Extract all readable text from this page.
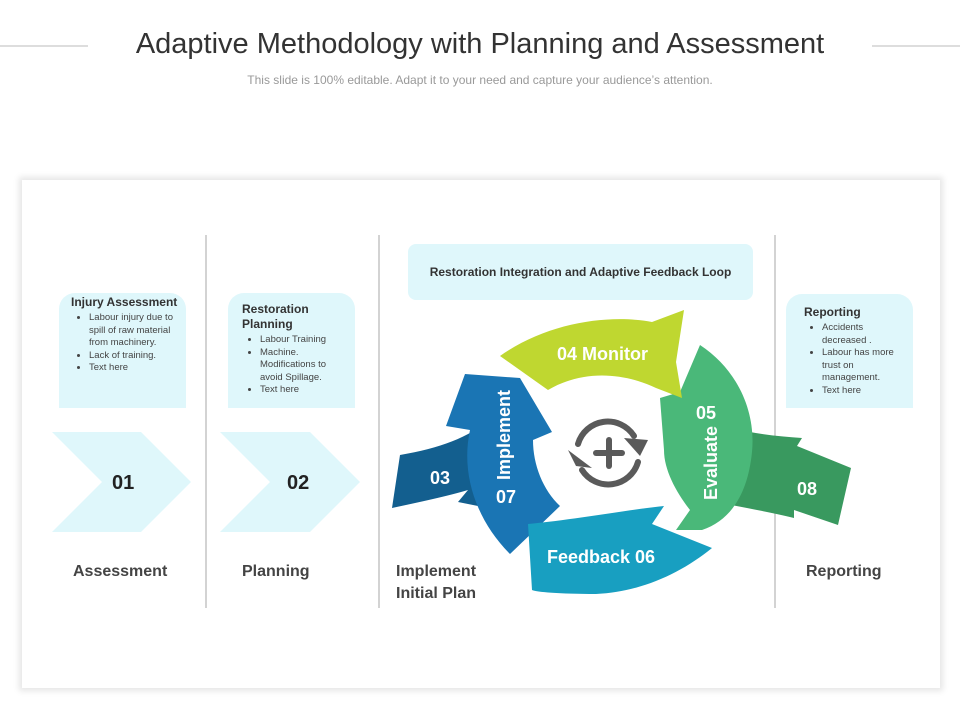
Adaptive Methodology with Planning and Assessment
This slide is 100% editable. Adapt it to your need and capture your audience’s attention.
Injury Assessment
• Labour injury due to spill of raw material from machinery.
• Lack of training.
• Text here
Restoration Planning
• Labour Training
• Machine. Modifications to avoid Spillage.
• Text here
Reporting
• Accidents decreased .
• Labour has more trust on management.
• Text here
Restoration Integration and Adaptive Feedback Loop
03 Implement
07
04 Monitor
05
Evaluate
Feedback 06
08
01	02
Assessment	Planning	Implement
Initial Plan
Reporting
